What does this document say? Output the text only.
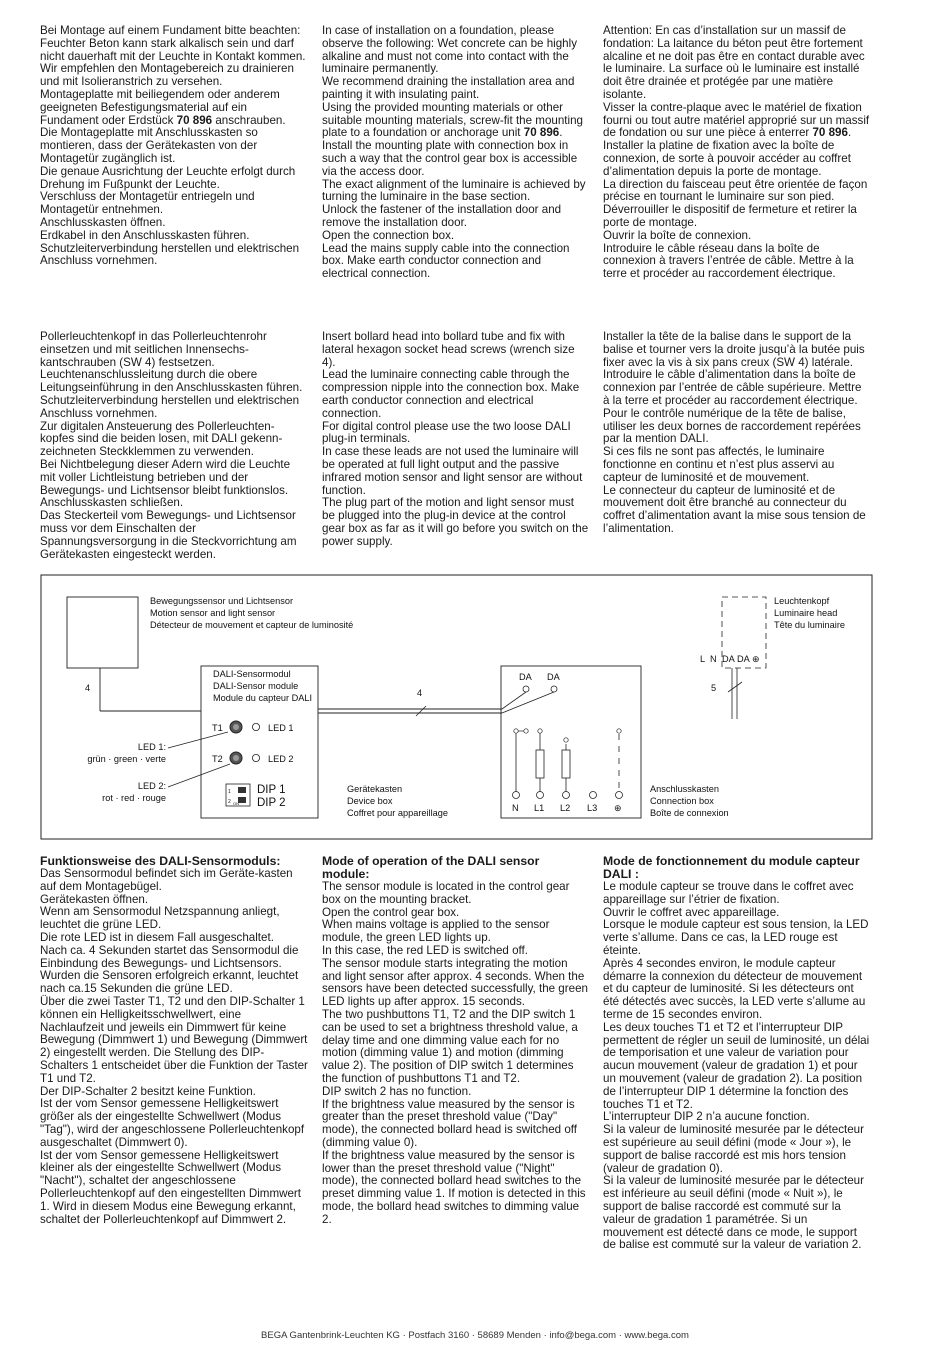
Bei Montage auf einem Fundament bitte beachten: Feuchter Beton kann stark alkalisch sein und darf nicht dauerhaft mit der Leuchte in Kontakt kommen.

Wir empfehlen den Montagebereich zu drainieren und mit Isolieranstrich zu versehen.

Montageplatte mit beiliegendem oder anderem geeigneten Befestigungsmaterial auf ein Fundament oder Erdstück 70 896 anschrauben.

Die Montageplatte mit Anschlusskasten so montieren, dass der Gerätekasten von der Montagetür zugänglich ist.

Die genaue Ausrichtung der Leuchte erfolgt durch Drehung im Fußpunkt der Leuchte.

Verschluss der Montagetür entriegeln und Montagetür entnehmen.

Anschlusskasten öffnen.

Erdkabel in den Anschlusskasten führen.

Schutzleiterverbindung herstellen und elektrischen Anschluss vornehmen.

In case of installation on a foundation, please observe the following: Wet concrete can be highly alkaline and must not come into contact with the luminaire permanently.

We recommend draining the installation area and painting it with insulating paint.

Using the provided mounting materials or other suitable mounting materials, screw-fit the mounting plate to a foundation or anchorage unit 70 896.

Install the mounting plate with connection box in such a way that the control gear box is accessible via the access door.

The exact alignment of the luminaire is achieved by turning the luminaire in the base section.

Unlock the fastener of the installation door and remove the installation door.

Open the connection box.

Lead the mains supply cable into the connection box. Make earth conductor connection and electrical connection.

Attention: En cas d’installation sur un massif de fondation: La laitance du béton peut être fortement alcaline et ne doit pas être en contact durable avec le luminaire. La surface où le luminaire est installé doit être drainée et protégée par une matière isolante.

Visser la contre-plaque avec le matériel de fixation fourni ou tout autre matériel approprié sur un massif de fondation ou sur une pièce à enterrer 70 896.

Installer la platine de fixation avec la boîte de connexion, de sorte à pouvoir accéder au coffret d’alimentation depuis la porte de montage.

La direction du faisceau peut être orientée de façon précise en tournant le luminaire sur son pied.

Déverrouiller le dispositif de fermeture et retirer la porte de montage.

Ouvrir la boîte de connexion.

Introduire le câble réseau dans la boîte de connexion à travers l’entrée de câble. Mettre à la terre et procéder au raccordement électrique.

Pollerleuchtenkopf in das Pollerleuchtenrohr einsetzen und mit seitlichen Innensechs-kantschrauben (SW 4) festsetzen.

Leuchtenanschlussleitung durch die obere Leitungseinführung in den Anschlusskasten führen. Schutzleiterverbindung herstellen und elektrischen Anschluss vornehmen.

Zur digitalen Ansteuerung des Pollerleuchten-kopfes sind die beiden losen, mit DALI gekenn-zeichneten Steckklemmen zu verwenden.

Bei Nichtbelegung dieser Adern wird die Leuchte mit voller Lichtleistung betrieben und der Bewegungs- und Lichtsensor bleibt funktionslos. Anschlusskasten schließen.

Das Steckerteil vom Bewegungs- und Lichtsensor muss vor dem Einschalten der Spannungsversorgung in die Steckvorrichtung am Gerätekasten eingesteckt werden.

Insert bollard head into bollard tube and fix with lateral hexagon socket head screws (wrench size 4).

Lead the luminaire connecting cable through the compression nipple into the connection box. Make earth conductor connection and electrical connection.

For digital control please use the two loose DALI plug-in terminals.

In case these leads are not used the luminaire will be operated at full light output and the passive infrared motion sensor and light sensor are without function.

The plug part of the motion and light sensor must be plugged into the plug-in device at the control gear box as far as it will go before you switch on the power supply.

Installer la tête de la balise dans le support de la balise et tourner vers la droite jusqu’à la butée puis fixer avec la vis à six pans creux (SW 4) latérale.

Introduire le câble d’alimentation dans la boîte de connexion par l’entrée de câble supérieure. Mettre à la terre et procéder au raccordement électrique.

Pour le contrôle numérique de la tête de balise, utiliser les deux bornes de raccordement repérées par la mention DALI.

Si ces fils ne sont pas affectés, le luminaire fonctionne en continu et n’est plus asservi au capteur de luminosité et de mouvement.

Le connecteur du capteur de luminosité et de mouvement doit être branché au connecteur du coffret d’alimentation avant la mise sous tension de l’alimentation.

Bewegungssensor und Lichtsensor
Motion sensor and light sensor
Détecteur de mouvement et capteur de luminosité
4
DALI-Sensormodul
DALI-Sensor module
Module du capteur DALI
T1	LED 1
T2	LED 2
1
2 ON
DIP 1
DIP 2
LED 1:
grün · green · verte
LED 2:
rot · red · rouge
4
Gerätekasten
Device box
Coffret pour appareillage
Anschlusskasten
Connection box
Boîte de connexion
DA DA
N L1 L2 L3 ⊕
Leuchtenkopf
Luminaire head
Tête du luminaire
L N DA DA ⊕
5

Funktionsweise des DALI-Sensormoduls:

Das Sensormodul befindet sich im Geräte-kasten auf dem Montagebügel.

Gerätekasten öffnen.

Wenn am Sensormodul Netzspannung anliegt, leuchtet die grüne LED.

Die rote LED ist in diesem Fall ausgeschaltet.

Nach ca. 4 Sekunden startet das Sensormodul die Einbindung des Bewegungs- und Lichtsensors. Wurden die Sensoren erfolgreich erkannt, leuchtet nach ca.15 Sekunden die grüne LED.

Über die zwei Taster T1, T2 und den DIP-Schalter 1 können ein Helligkeitsschwellwert, eine Nachlaufzeit und jeweils ein Dimmwert für keine Bewegung (Dimmwert 1) und Bewegung (Dimmwert 2) eingestellt werden. Die Stellung des DIP-Schalters 1 entscheidet über die Funktion der Taster T1 und T2.

Der DIP-Schalter 2 besitzt keine Funktion.

Ist der vom Sensor gemessene Helligkeitswert größer als der eingestellte Schwellwert (Modus "Tag"), wird der angeschlossene Pollerleuchtenkopf ausgeschaltet (Dimmwert 0).

Ist der vom Sensor gemessene Helligkeitswert kleiner als der eingestellte Schwellwert (Modus "Nacht"), schaltet der angeschlossene Pollerleuchtenkopf auf den eingestellten Dimmwert 1. Wird in diesem Modus eine Bewegung erkannt, schaltet der Pollerleuchtenkopf auf Dimmwert 2.

Mode of operation of the DALI sensor module:

The sensor module is located in the control gear box on the mounting bracket.

Open the control gear box.

When mains voltage is applied to the sensor module, the green LED lights up.

In this case, the red LED is switched off.

The sensor module starts integrating the motion and light sensor after approx. 4 seconds. When the sensors have been detected successfully, the green LED lights up after approx. 15 seconds.

The two pushbuttons T1, T2 and the DIP switch 1 can be used to set a brightness threshold value, a delay time and one dimming value each for no motion (dimming value 1) and motion (dimming value 2). The position of DIP switch 1 determines the function of pushbuttons T1 and T2.

DIP switch 2 has no function.

If the brightness value measured by the sensor is greater than the preset threshold value ("Day" mode), the connected bollard head is switched off (dimming value 0).

If the brightness value measured by the sensor is lower than the preset threshold value ("Night" mode), the connected bollard head switches to the preset dimming value 1. If motion is detected in this mode, the bollard head switches to dimming value 2.

Mode de fonctionnement du module capteur DALI :

Le module capteur se trouve dans le coffret avec appareillage sur l’étrier de fixation.

Ouvrir le coffret avec appareillage.

Lorsque le module capteur est sous tension, la LED verte s’allume. Dans ce cas, la LED rouge est éteinte.

Après 4 secondes environ, le module capteur démarre la connexion du détecteur de mouvement et du capteur de luminosité. Si les détecteurs ont été détectés avec succès, la LED verte s’allume au terme de 15 secondes environ.

Les deux touches T1 et T2 et l’interrupteur DIP permettent de régler un seuil de luminosité, un délai de temporisation et une valeur de variation pour aucun mouvement (valeur de gradation 1) et pour un mouvement (valeur de gradation 2). La position de l’interrupteur DIP 1 détermine la fonction des touches T1 et T2.

L’interrupteur DIP 2 n’a aucune fonction.

Si la valeur de luminosité mesurée par le détecteur est supérieure au seuil défini (mode « Jour »), le support de balise raccordé est mis hors tension (valeur de gradation 0).

Si la valeur de luminosité mesurée par le détecteur est inférieure au seuil défini (mode « Nuit »), le support de balise raccordé est commuté sur la valeur de gradation 1 paramétrée. Si un mouvement est détecté dans ce mode, le support de balise est commuté sur la valeur de variation 2.

BEGA Gantenbrink-Leuchten KG · Postfach 3160 · 58689 Menden · info@bega.com · www.bega.com
